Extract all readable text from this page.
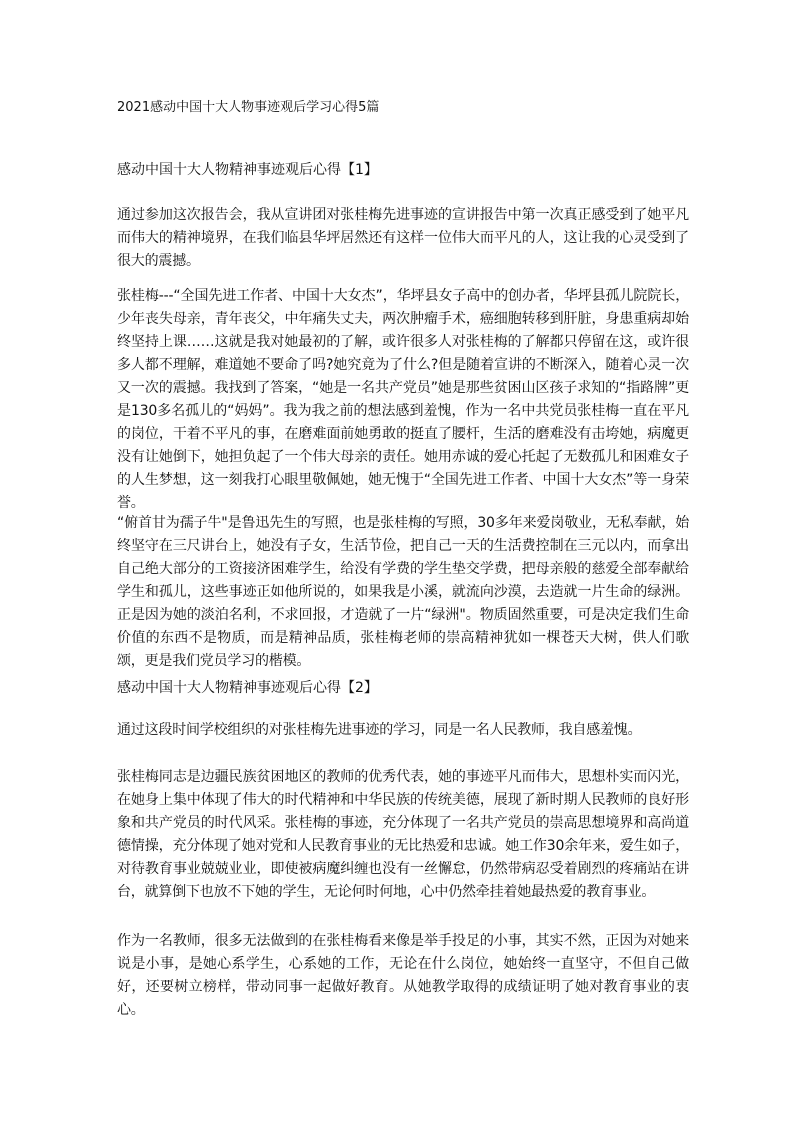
2021感动中国十大人物事迹观后学习心得5篇
感动中国十大人物精神事迹观后心得【1】

通过参加这次报告会，我从宣讲团对张桂梅先进事迹的宣讲报告中第一次真正感受到了她平凡而伟大的精神境界，在我们临县华坪居然还有这样一位伟大而平凡的人，这让我的心灵受到了很大的震撼。

张桂梅---“全国先进工作者、中国十大女杰”，华坪县女子高中的创办者，华坪县孤儿院院长，少年丧失母亲，青年丧父，中年痛失丈夫，两次肿瘤手术，癌细胞转移到肝脏，身患重病却始终坚持上课……这就是我对她最初的了解，或许很多人对张桂梅的了解都只停留在这，或许很多人都不理解，难道她不要命了吗?她究竟为了什么?但是随着宣讲的不断深入，随着心灵一次又一次的震撼。我找到了答案，“她是一名共产党员”她是那些贫困山区孩子求知的“指路牌”更是130多名孤儿的“妈妈”。我为我之前的想法感到羞愧，作为一名中共党员张桂梅一直在平凡的岗位，干着不平凡的事，在磨难面前她勇敢的挺直了腰杆，生活的磨难没有击垮她，病魔更没有让她倒下，她担负起了一个伟大母亲的责任。她用赤诚的爱心托起了无数孤儿和困难女子的人生梦想，这一刻我打心眼里敬佩她，她无愧于“全国先进工作者、中国十大女杰”等一身荣誉。

“俯首甘为孺子牛"是鲁迅先生的写照，也是张桂梅的写照，30多年来爱岗敬业，无私奉献，始终坚守在三尺讲台上，她没有子女，生活节俭，把自己一天的生活费控制在三元以内，而拿出自己绝大部分的工资接济困难学生，给没有学费的学生垫交学费，把母亲般的慈爱全部奉献给学生和孤儿，这些事迹正如他所说的，如果我是小溪，就流向沙漠，去造就一片生命的绿洲。正是因为她的淡泊名利，不求回报，才造就了一片“绿洲"。物质固然重要，可是决定我们生命价值的东西不是物质，而是精神品质，张桂梅老师的崇高精神犹如一棵苍天大树，供人们歌颂，更是我们党员学习的楷模。

感动中国十大人物精神事迹观后心得【2】

通过这段时间学校组织的对张桂梅先进事迹的学习，同是一名人民教师，我自感羞愧。

张桂梅同志是边疆民族贫困地区的教师的优秀代表，她的事迹平凡而伟大，思想朴实而闪光，在她身上集中体现了伟大的时代精神和中华民族的传统美德，展现了新时期人民教师的良好形象和共产党员的时代风采。张桂梅的事迹，充分体现了一名共产党员的崇高思想境界和高尚道德情操，充分体现了她对党和人民教育事业的无比热爱和忠诚。她工作30余年来，爱生如子，对待教育事业兢兢业业，即使被病魔纠缠也没有一丝懈怠，仍然带病忍受着剧烈的疼痛站在讲台，就算倒下也放不下她的学生，无论何时何地，心中仍然牵挂着她最热爱的教育事业。

作为一名教师，很多无法做到的在张桂梅看来像是举手投足的小事，其实不然，正因为对她来说是小事，是她心系学生，心系她的工作，无论在什么岗位，她始终一直坚守，不但自己做好，还要树立榜样，带动同事一起做好教育。从她教学取得的成绩证明了她对教育事业的衷心。
